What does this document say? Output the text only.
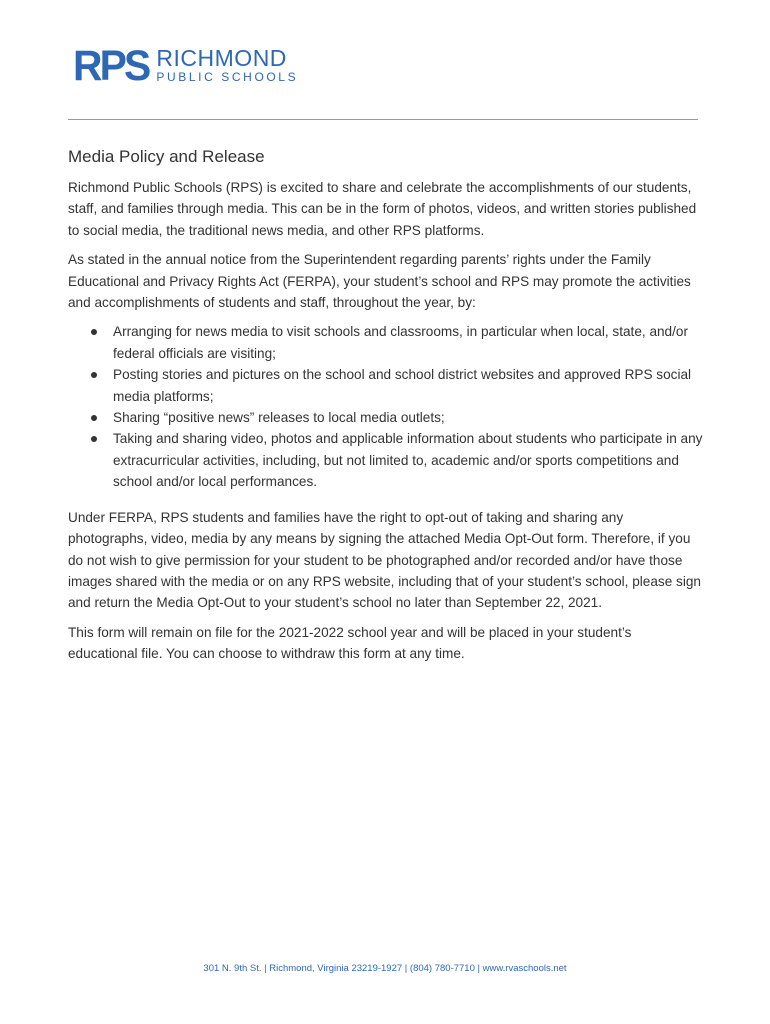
RPS RICHMOND
PUBLIC SCHOOLS
Media Policy and Release

Richmond Public Schools (RPS) is excited to share and celebrate the accomplishments of our students, staff, and families through media. This can be in the form of photos, videos, and written stories published to social media, the traditional news media, and other RPS platforms.

As stated in the annual notice from the Superintendent regarding parents’ rights under the Family Educational and Privacy Rights Act (FERPA), your student’s school and RPS may promote the activities and accomplishments of students and staff, throughout the year, by:

Arranging for news media to visit schools and classrooms, in particular when local, state, and/or federal officials are visiting;
Posting stories and pictures on the school and school district websites and approved RPS social media platforms;
Sharing “positive news” releases to local media outlets;
Taking and sharing video, photos and applicable information about students who participate in any extracurricular activities, including, but not limited to, academic and/or sports competitions and school and/or local performances.

Under FERPA, RPS students and families have the right to opt-out of taking and sharing any photographs, video, media by any means by signing the attached Media Opt-Out form. Therefore, if you do not wish to give permission for your student to be photographed and/or recorded and/or have those images shared with the media or on any RPS website, including that of your student’s school, please sign and return the Media Opt-Out to your student’s school no later than September 22, 2021.

This form will remain on file for the 2021-2022 school year and will be placed in your student’s educational file. You can choose to withdraw this form at any time.

301 N. 9th St. | Richmond, Virginia 23219-1927 | (804) 780-7710 | www.rvaschools.net
